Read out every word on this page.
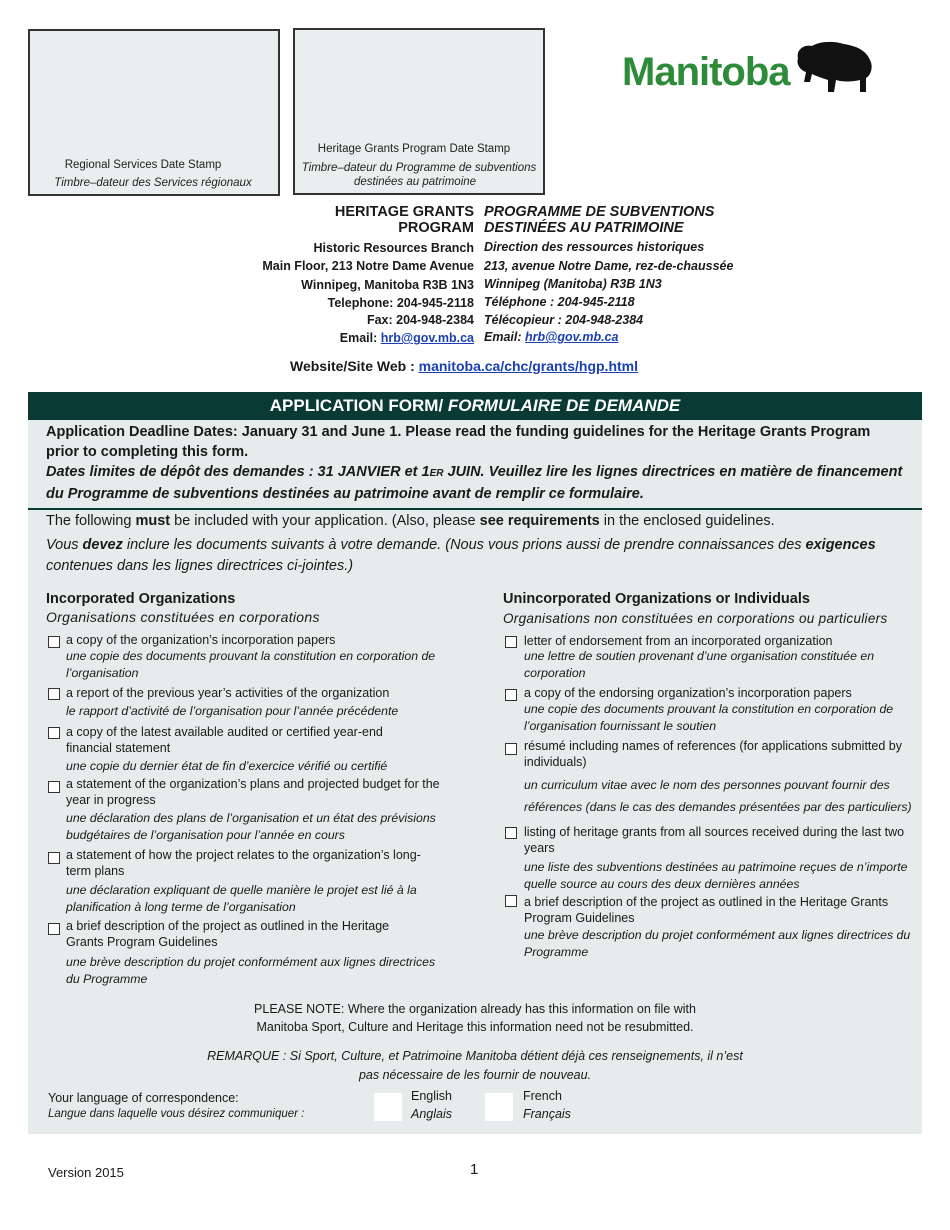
Regional Services Date Stamp
Timbre–dateur des Services régionaux
Heritage Grants Program Date Stamp
Timbre–dateur du Programme de subventions
destinées au patrimoine
Manitoba
HERITAGE GRANTS
PROGRAM
Historic Resources Branch
Main Floor, 213 Notre Dame Avenue
Winnipeg, Manitoba R3B 1N3
Telephone: 204-945-2118
Fax: 204-948-2384
Email: hrb@gov.mb.ca
PROGRAMME DE SUBVENTIONS
DESTINÉES AU PATRIMOINE
Direction des ressources historiques
213, avenue Notre Dame, rez-de-chaussée
Winnipeg (Manitoba) R3B 1N3
Téléphone : 204-945-2118
Télécopieur : 204-948-2384
Email: hrb@gov.mb.ca
Website/Site Web : manitoba.ca/chc/grants/hgp.html
APPLICATION FORM/ FORMULAIRE DE DEMANDE
Application Deadline Dates: January 31 and June 1. Please read the funding guidelines for the Heritage Grants Program prior to completing this form.
Dates limites de dépôt des demandes : 31 JANVIER et 1ER JUIN. Veuillez lire les lignes directrices en matière de financement du Programme de subventions destinées au patrimoine avant de remplir ce formulaire.
The following must be included with your application. (Also, please see requirements in the enclosed guidelines.
Vous devez inclure les documents suivants à votre demande. (Nous vous prions aussi de prendre connaissances des exigences contenues dans les lignes directrices ci-jointes.)
Incorporated Organizations
Organisations constituées en corporations
Unincorporated Organizations or Individuals
Organisations non constituées en corporations ou particuliers
a copy of the organization’s incorporation papers
une copie des documents prouvant la constitution en corporation de l’organisation
a report of the previous year’s activities of the organization
le rapport d’activité de l’organisation pour l’année précédente
a copy of the latest available audited or certified year-end financial statement
une copie du dernier état de fin d’exercice vérifié ou certifié
a statement of the organization’s plans and projected budget for the year in progress
une déclaration des plans de l’organisation et un état des prévisions budgétaires de l’organisation pour l’année en cours
a statement of how the project relates to the organization’s long-term plans
une déclaration expliquant de quelle manière le projet est lié à la planification à long terme de l’organisation
a brief description of the project as outlined in the Heritage Grants Program Guidelines
une brève description du projet conformément aux lignes directrices du Programme
letter of endorsement from an incorporated organization
une lettre de soutien provenant d’une organisation constituée en corporation
a copy of the endorsing organization’s incorporation papers
une copie des documents prouvant la constitution en corporation de l’organisation fournissant le soutien
résumé including names of references (for applications submitted by individuals)
un curriculum vitae avec le nom des personnes pouvant fournir des références (dans le cas des demandes présentées par des particuliers)
listing of heritage grants from all sources received during the last two years
une liste des subventions destinées au patrimoine reçues de n’importe quelle source au cours des deux dernières années
a brief description of the project as outlined in the Heritage Grants Program Guidelines
une brève description du projet conformément aux lignes directrices du Programme
PLEASE NOTE: Where the organization already has this information on file with
Manitoba Sport, Culture and Heritage this information need not be resubmitted.
REMARQUE : Si Sport, Culture, et Patrimoine Manitoba détient déjà ces renseignements, il n’est
pas nécessaire de les fournir de nouveau.
Your language of correspondence:
Langue dans laquelle vous désirez communiquer :
English
Anglais
French
Français
Version 2015	1
